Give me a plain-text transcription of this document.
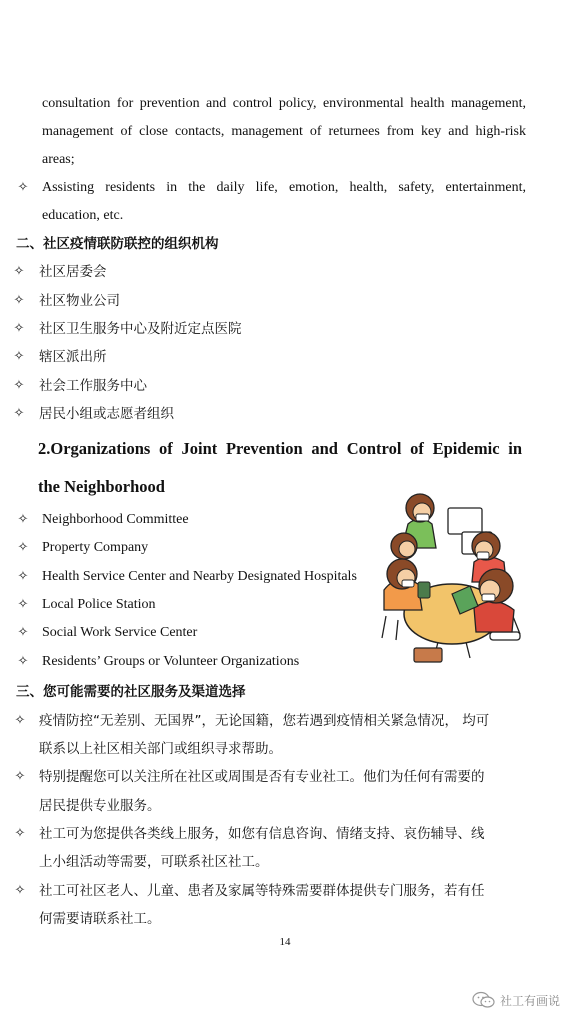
consultation for prevention and control policy, environmental health management,
management of close contacts, management of returnees from key and high-risk
areas;
✧ Assisting residents in the daily life, emotion, health, safety, entertainment,
education, etc.
二、社区疫情联防联控的组织机构
✧ 社区居委会
✧ 社区物业公司
✧ 社区卫生服务中心及附近定点医院
✧ 辖区派出所
✧ 社会工作服务中心
✧ 居民小组或志愿者组织
2.Organizations of Joint Prevention and Control of Epidemic in
the Neighborhood
✧ Neighborhood Committee
✧ Property Company
✧ Health Service Center and Nearby Designated Hospitals
✧ Local Police Station
✧ Social Work Service Center
✧ Residents’ Groups or Volunteer Organizations
三、您可能需要的社区服务及渠道选择
✧ 疫情防控“无差别、无国界”，无论国籍，您若遇到疫情相关紧急情况， 均可
联系以上社区相关部门或组织寻求帮助。
✧ 特别提醒您可以关注所在社区或周围是否有专业社工。他们为任何有需要的
居民提供专业服务。
✧ 社工可为您提供各类线上服务，如您有信息咨询、情绪支持、哀伤辅导、线
上小组活动等需要，可联系社区社工。
✧ 社工可社区老人、儿童、患者及家属等特殊需要群体提供专门服务，若有任
何需要请联系社工。
14
社工有画说
